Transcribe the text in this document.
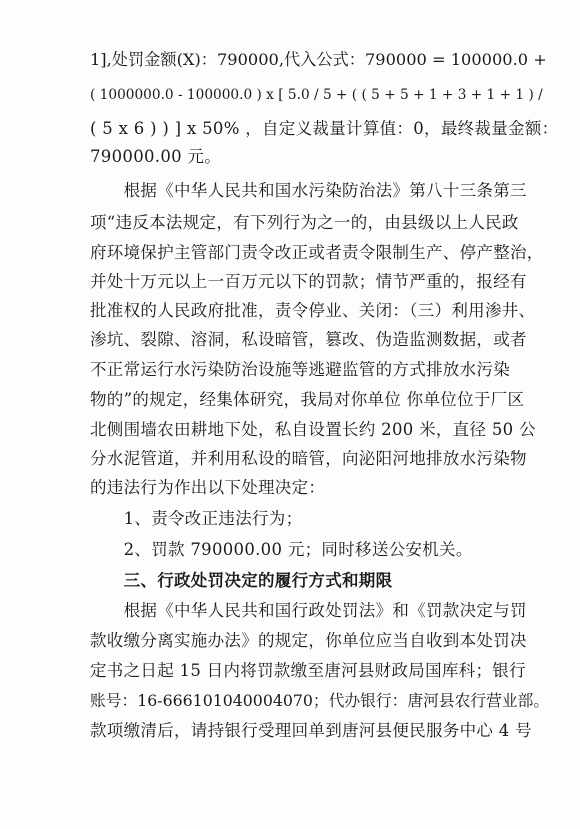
1],处罚金额(X)：790000,代入公式：790000 = 100000.0 +
( 1000000.0 - 100000.0 ) x [ 5.0 / 5 + ( ( 5 + 5 + 1 + 3 + 1 + 1 ) /
( 5 x 6 ) ) ] x 50% ，自定义裁量计算值：0，最终裁量金额：
790000.00 元。
　　根据《中华人民共和国水污染防治法》第八十三条第三
项“违反本法规定，有下列行为之一的，由县级以上人民政
府环境保护主管部门责令改正或者责令限制生产、停产整治，
并处十万元以上一百万元以下的罚款；情节严重的，报经有
批准权的人民政府批准，责令停业、关闭：（三）利用渗井、
渗坑、裂隙、溶洞，私设暗管，篡改、伪造监测数据，或者
不正常运行水污染防治设施等逃避监管的方式排放水污染
物的”的规定，经集体研究，我局对你单位 你单位位于厂区
北侧围墙农田耕地下处，私自设置长约 200 米，直径 50 公
分水泥管道，并利用私设的暗管，向泌阳河地排放水污染物
的违法行为作出以下处理决定：
　　1、责令改正违法行为；
　　2、罚款 790000.00 元；同时移送公安机关。
　　三、行政处罚决定的履行方式和期限
　　根据《中华人民共和国行政处罚法》和《罚款决定与罚
款收缴分离实施办法》的规定，你单位应当自收到本处罚决
定书之日起 15 日内将罚款缴至唐河县财政局国库科；银行
账号：16-666101040004070；代办银行：唐河县农行营业部。
款项缴清后，请持银行受理回单到唐河县便民服务中心 4 号
